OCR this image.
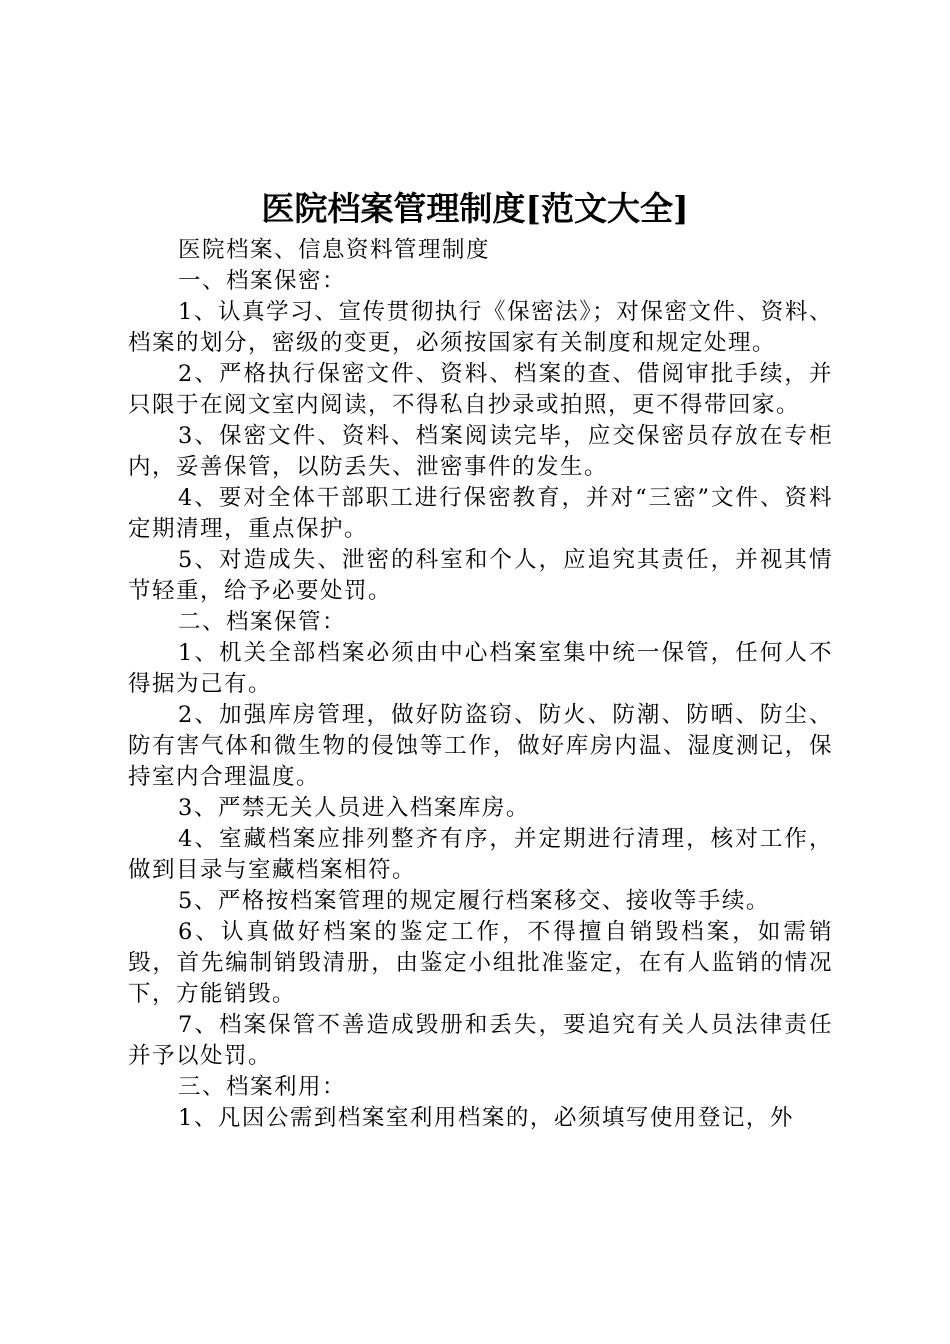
医院档案管理制度[范文大全]

医院档案、信息资料管理制度

一、档案保密：

1、认真学习、宣传贯彻执行《保密法》；对保密文件、资料、档案的划分，密级的变更，必须按国家有关制度和规定处理。

2、严格执行保密文件、资料、档案的查、借阅审批手续，并只限于在阅文室内阅读，不得私自抄录或拍照，更不得带回家。

3、保密文件、资料、档案阅读完毕，应交保密员存放在专柜内，妥善保管，以防丢失、泄密事件的发生。

4、要对全体干部职工进行保密教育，并对“三密”文件、资料定期清理，重点保护。

5、对造成失、泄密的科室和个人，应追究其责任，并视其情节轻重，给予必要处罚。

二、档案保管：

1、机关全部档案必须由中心档案室集中统一保管，任何人不得据为己有。

2、加强库房管理，做好防盗窃、防火、防潮、防晒、防尘、防有害气体和微生物的侵蚀等工作，做好库房内温、湿度测记，保持室内合理温度。

3、严禁无关人员进入档案库房。

4、室藏档案应排列整齐有序，并定期进行清理，核对工作，做到目录与室藏档案相符。

5、严格按档案管理的规定履行档案移交、接收等手续。

6、认真做好档案的鉴定工作，不得擅自销毁档案，如需销毁，首先编制销毁清册，由鉴定小组批准鉴定，在有人监销的情况下，方能销毁。

7、档案保管不善造成毁册和丢失，要追究有关人员法律责任并予以处罚。

三、档案利用：

1、凡因公需到档案室利用档案的，必须填写使用登记，外
